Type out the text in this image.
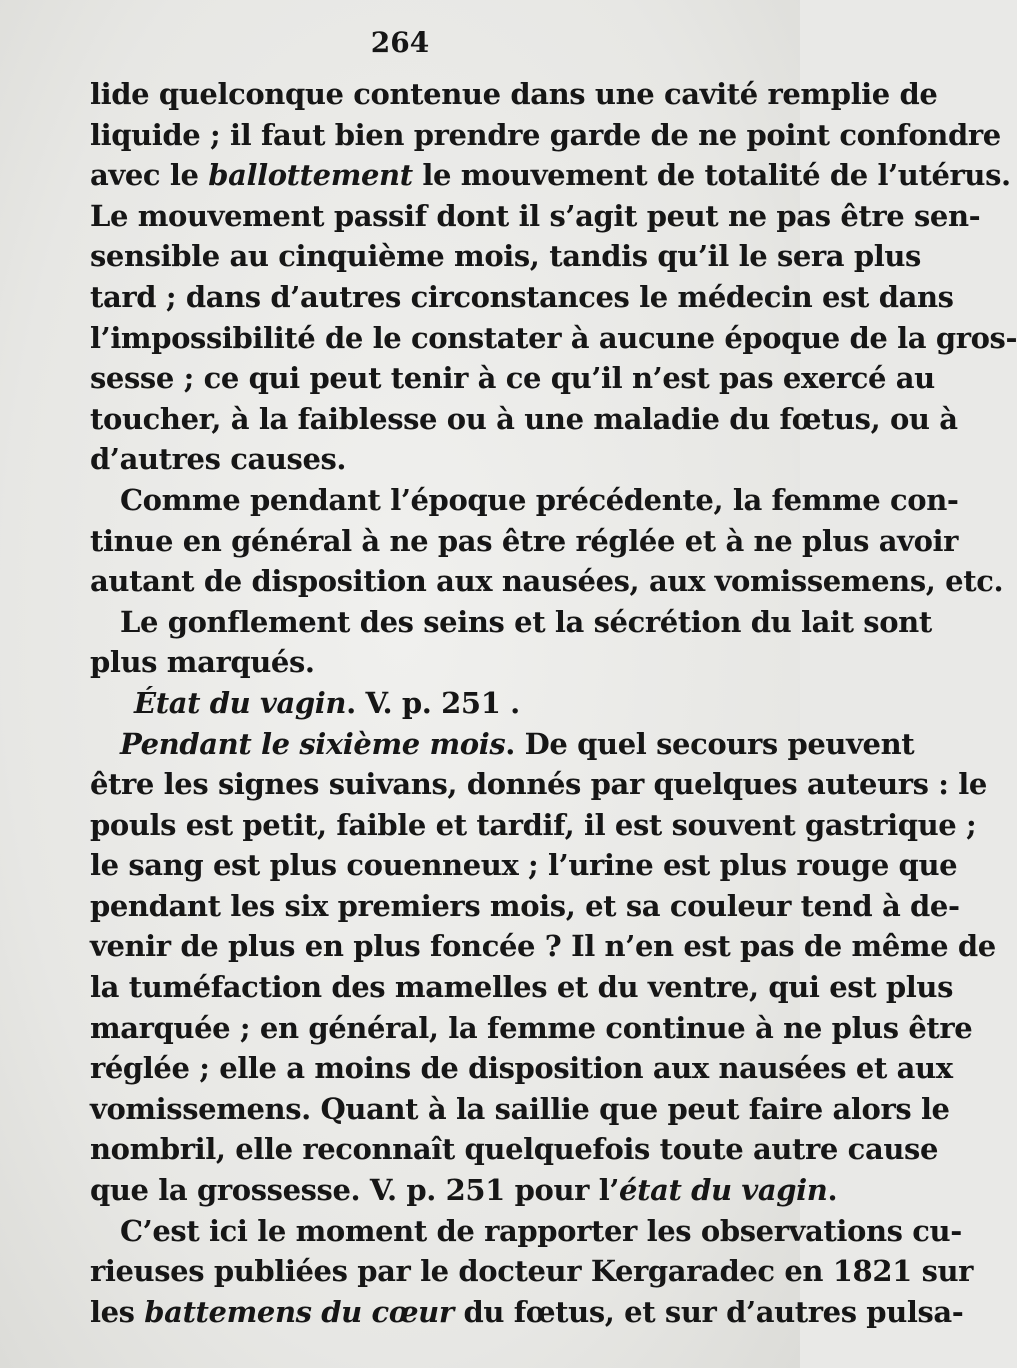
264
lide quelconque contenue dans une cavité remplie de
liquide ; il faut bien prendre garde de ne point confondre
avec le ballottement le mouvement de totalité de l’utérus.
Le mouvement passif dont il s’agit peut ne pas être sen-
sensible au cinquième mois, tandis qu’il le sera plus
tard ; dans d’autres circonstances le médecin est dans
l’impossibilité de le constater à aucune époque de la gros-
sesse ; ce qui peut tenir à ce qu’il n’est pas exercé au
toucher, à la faiblesse ou à une maladie du fœtus, ou à
d’autres causes.
Comme pendant l’époque précédente, la femme con-
tinue en général à ne pas être réglée et à ne plus avoir
autant de disposition aux nausées, aux vomissemens, etc.
Le gonflement des seins et la sécrétion du lait sont
plus marqués.
État du vagin. V. p. 251 .
Pendant le sixième mois. De quel secours peuvent
être les signes suivans, donnés par quelques auteurs : le
pouls est petit, faible et tardif, il est souvent gastrique ;
le sang est plus couenneux ; l’urine est plus rouge que
pendant les six premiers mois, et sa couleur tend à de-
venir de plus en plus foncée ? Il n’en est pas de même de
la tuméfaction des mamelles et du ventre, qui est plus
marquée ; en général, la femme continue à ne plus être
réglée ; elle a moins de disposition aux nausées et aux
vomissemens. Quant à la saillie que peut faire alors le
nombril, elle reconnaît quelquefois toute autre cause
que la grossesse. V. p. 251 pour l’état du vagin.
C’est ici le moment de rapporter les observations cu-
rieuses publiées par le docteur Kergaradec en 1821 sur
les battemens du cœur du fœtus, et sur d’autres pulsa-
